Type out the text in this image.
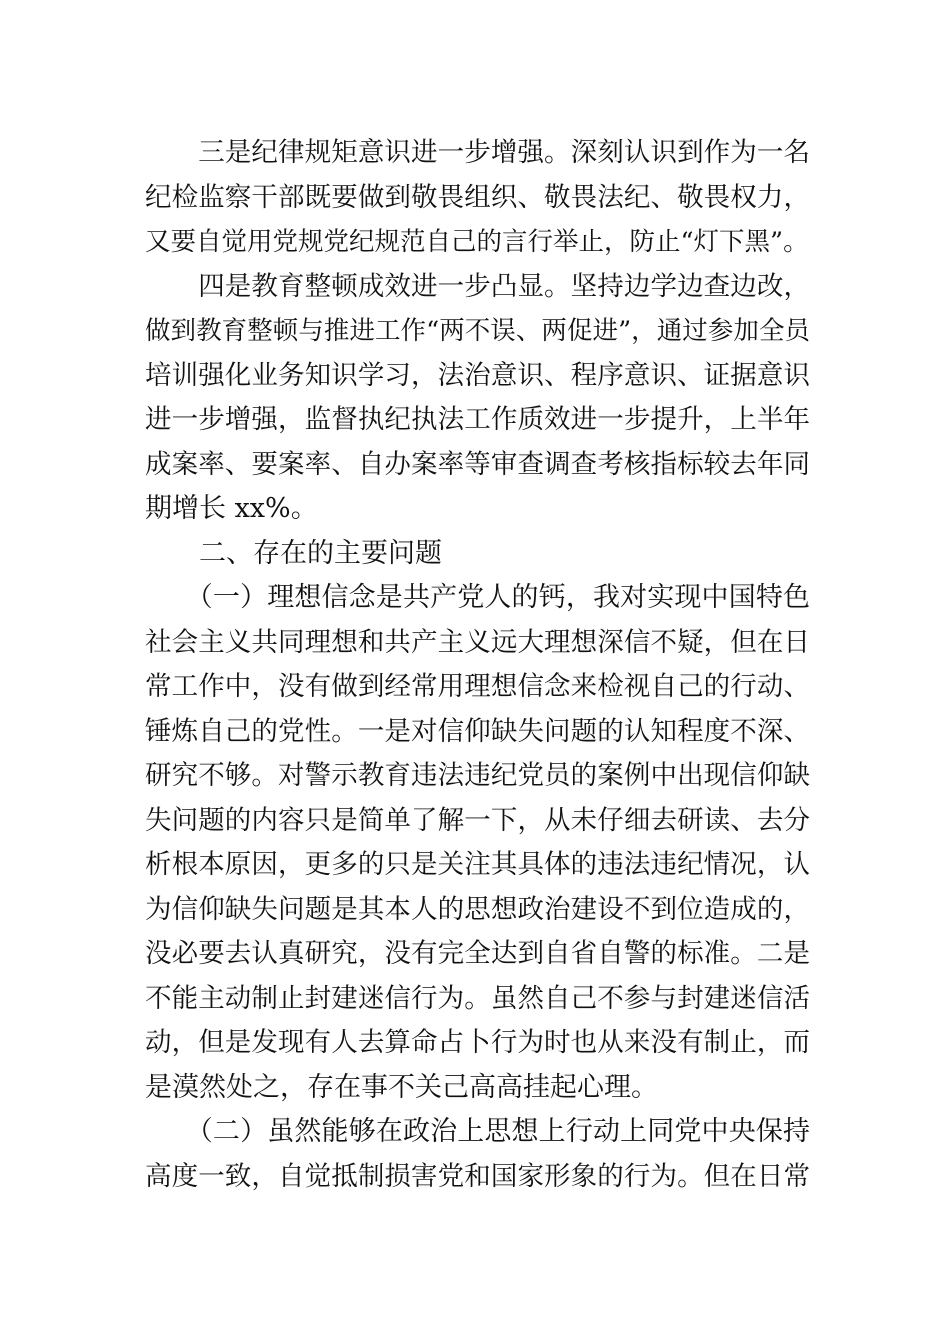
　　三是纪律规矩意识进一步增强。深刻认识到作为一名
纪检监察干部既要做到敬畏组织、敬畏法纪、敬畏权力，
又要自觉用党规党纪规范自己的言行举止，防止“灯下黑”。
　　四是教育整顿成效进一步凸显。坚持边学边查边改，
做到教育整顿与推进工作“两不误、两促进”，通过参加全员
培训强化业务知识学习，法治意识、程序意识、证据意识
进一步增强，监督执纪执法工作质效进一步提升，上半年
成案率、要案率、自办案率等审查调查考核指标较去年同
期增长 xx%。
　　二、存在的主要问题
　　（一）理想信念是共产党人的钙，我对实现中国特色
社会主义共同理想和共产主义远大理想深信不疑，但在日
常工作中，没有做到经常用理想信念来检视自己的行动、
锤炼自己的党性。一是对信仰缺失问题的认知程度不深、
研究不够。对警示教育违法违纪党员的案例中出现信仰缺
失问题的内容只是简单了解一下，从未仔细去研读、去分
析根本原因，更多的只是关注其具体的违法违纪情况，认
为信仰缺失问题是其本人的思想政治建设不到位造成的，
没必要去认真研究，没有完全达到自省自警的标准。二是
不能主动制止封建迷信行为。虽然自己不参与封建迷信活
动，但是发现有人去算命占卜行为时也从来没有制止，而
是漠然处之，存在事不关己高高挂起心理。
　　（二）虽然能够在政治上思想上行动上同党中央保持
高度一致，自觉抵制损害党和国家形象的行为。但在日常
